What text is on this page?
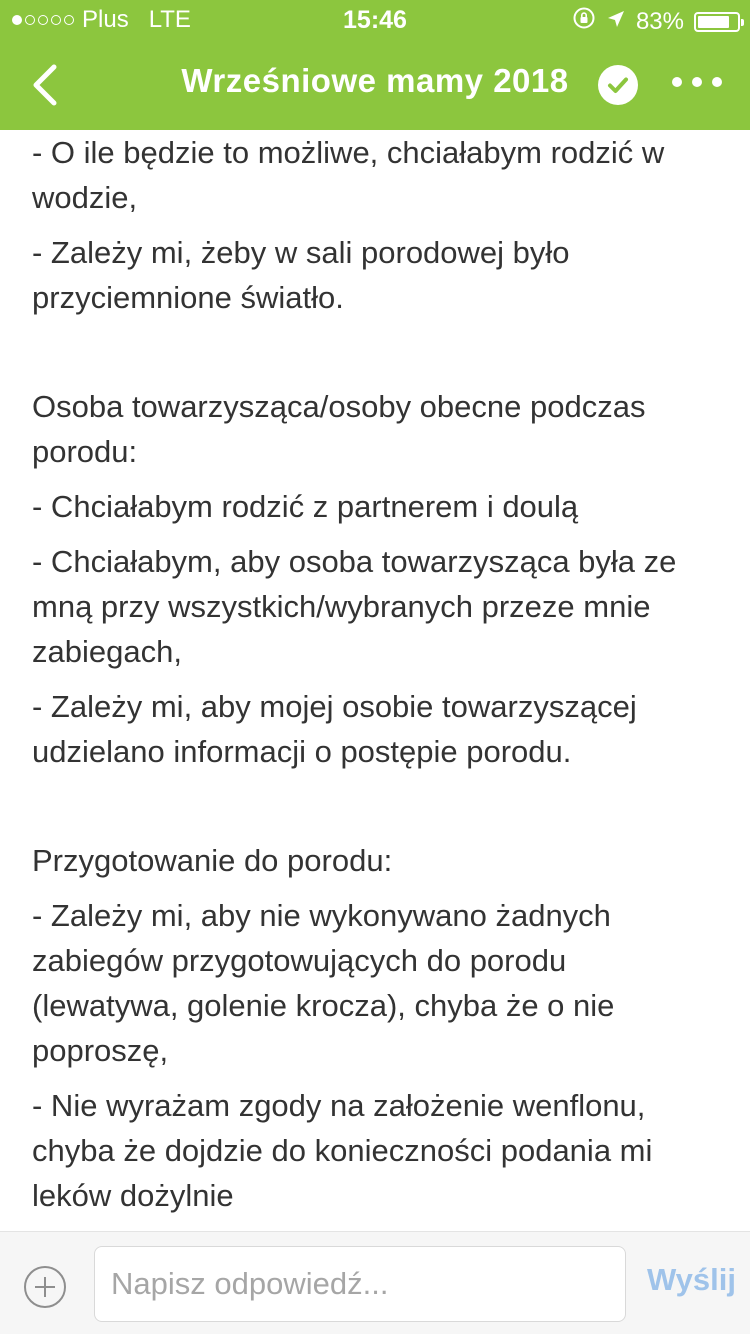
Plus LTE	15:46	83%
Wrześniowe mamy 2018

- O ile będzie to możliwe, chciałabym rodzić w wodzie,

- Zależy mi, żeby w sali porodowej było przyciemnione światło.

Osoba towarzysząca/osoby obecne podczas porodu:

- Chciałabym rodzić z partnerem i doulą

- Chciałabym, aby osoba towarzysząca była ze mną przy wszystkich/wybranych przeze mnie zabiegach,

- Zależy mi, aby mojej osobie towarzyszącej udzielano informacji o postępie porodu.

Przygotowanie do porodu:

- Zależy mi, aby nie wykonywano żadnych zabiegów przygotowujących do porodu (lewatywa, golenie krocza), chyba że o nie poproszę,

- Nie wyrażam zgody na założenie wenflonu, chyba że dojdzie do konieczności podania mi leków dożylnie

Napisz odpowiedź...
Wyślij
